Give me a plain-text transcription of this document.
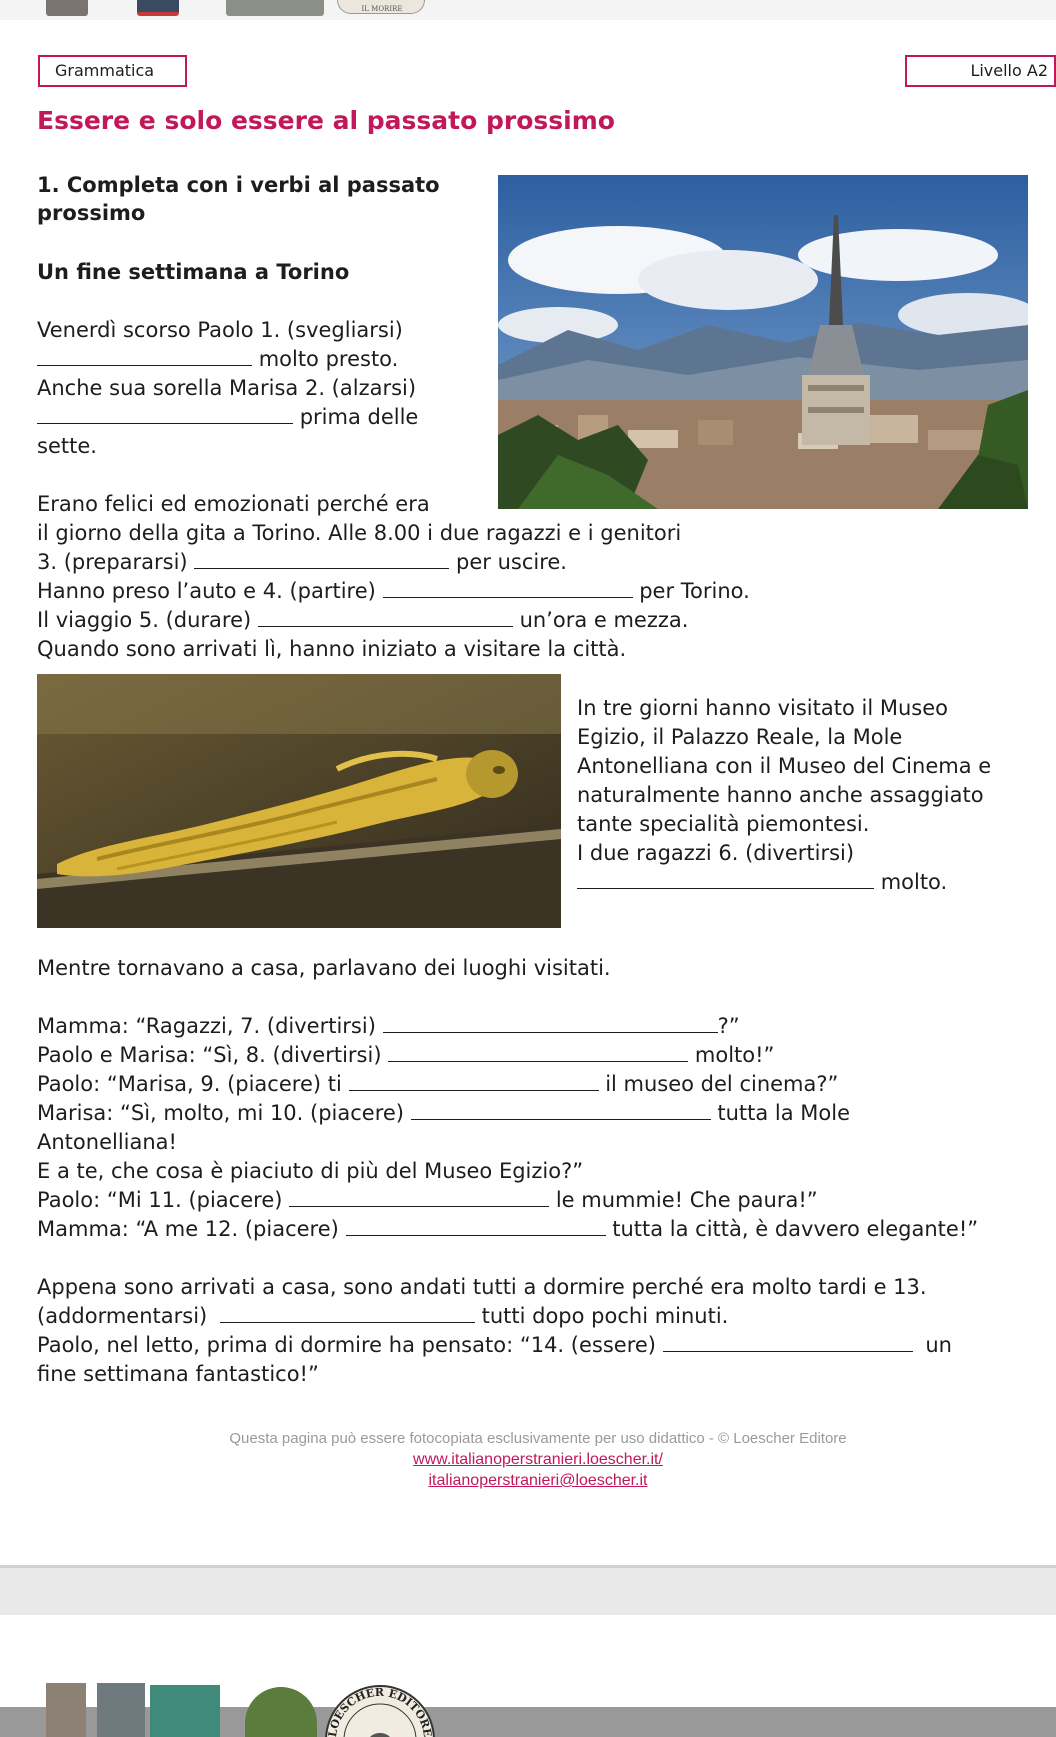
IL MORIRE
Grammatica	Livello A2
Essere e solo essere al passato prossimo
1. Completa con i verbi al passato
prossimo
Un fine settimana a Torino
Venerdì scorso Paolo 1. (svegliarsi)
molto presto.
Anche sua sorella Marisa 2. (alzarsi)
prima delle
sette.
Erano felici ed emozionati perché era
il giorno della gita a Torino. Alle 8.00 i due ragazzi e i genitori
3. (prepararsi)	per uscire.
Hanno preso l’auto e 4. (partire)	per Torino.
Il viaggio 5. (durare)	un’ora e mezza.
Quando sono arrivati lì, hanno iniziato a visitare la città.
In tre giorni hanno visitato il Museo
Egizio, il Palazzo Reale, la Mole
Antonelliana con il Museo del Cinema e
naturalmente hanno anche assaggiato
tante specialità piemontesi.
I due ragazzi 6. (divertirsi)
molto.
Mentre tornavano a casa, parlavano dei luoghi visitati.
Mamma: “Ragazzi, 7. (divertirsi)	?”
Paolo e Marisa: “Sì, 8. (divertirsi)	molto!”
Paolo: “Marisa, 9. (piacere) ti	il museo del cinema?”
Marisa: “Sì, molto, mi 10. (piacere)	tutta la Mole
Antonelliana!
E a te, che cosa è piaciuto di più del Museo Egizio?”
Paolo: “Mi 11. (piacere)	le mummie! Che paura!”
Mamma: “A me 12. (piacere)	tutta la città, è davvero elegante!”
Appena sono arrivati a casa, sono andati tutti a dormire perché era molto tardi e 13.
(addormentarsi)	tutti dopo pochi minuti.
Paolo, nel letto, prima di dormire ha pensato: “14. (essere)	un
fine settimana fantastico!”
Questa pagina può essere fotocopiata esclusivamente per uso didattico - © Loescher Editore
www.italianoperstranieri.loescher.it/
italianoperstranieri@loescher.it
LOESCHER EDITORE
